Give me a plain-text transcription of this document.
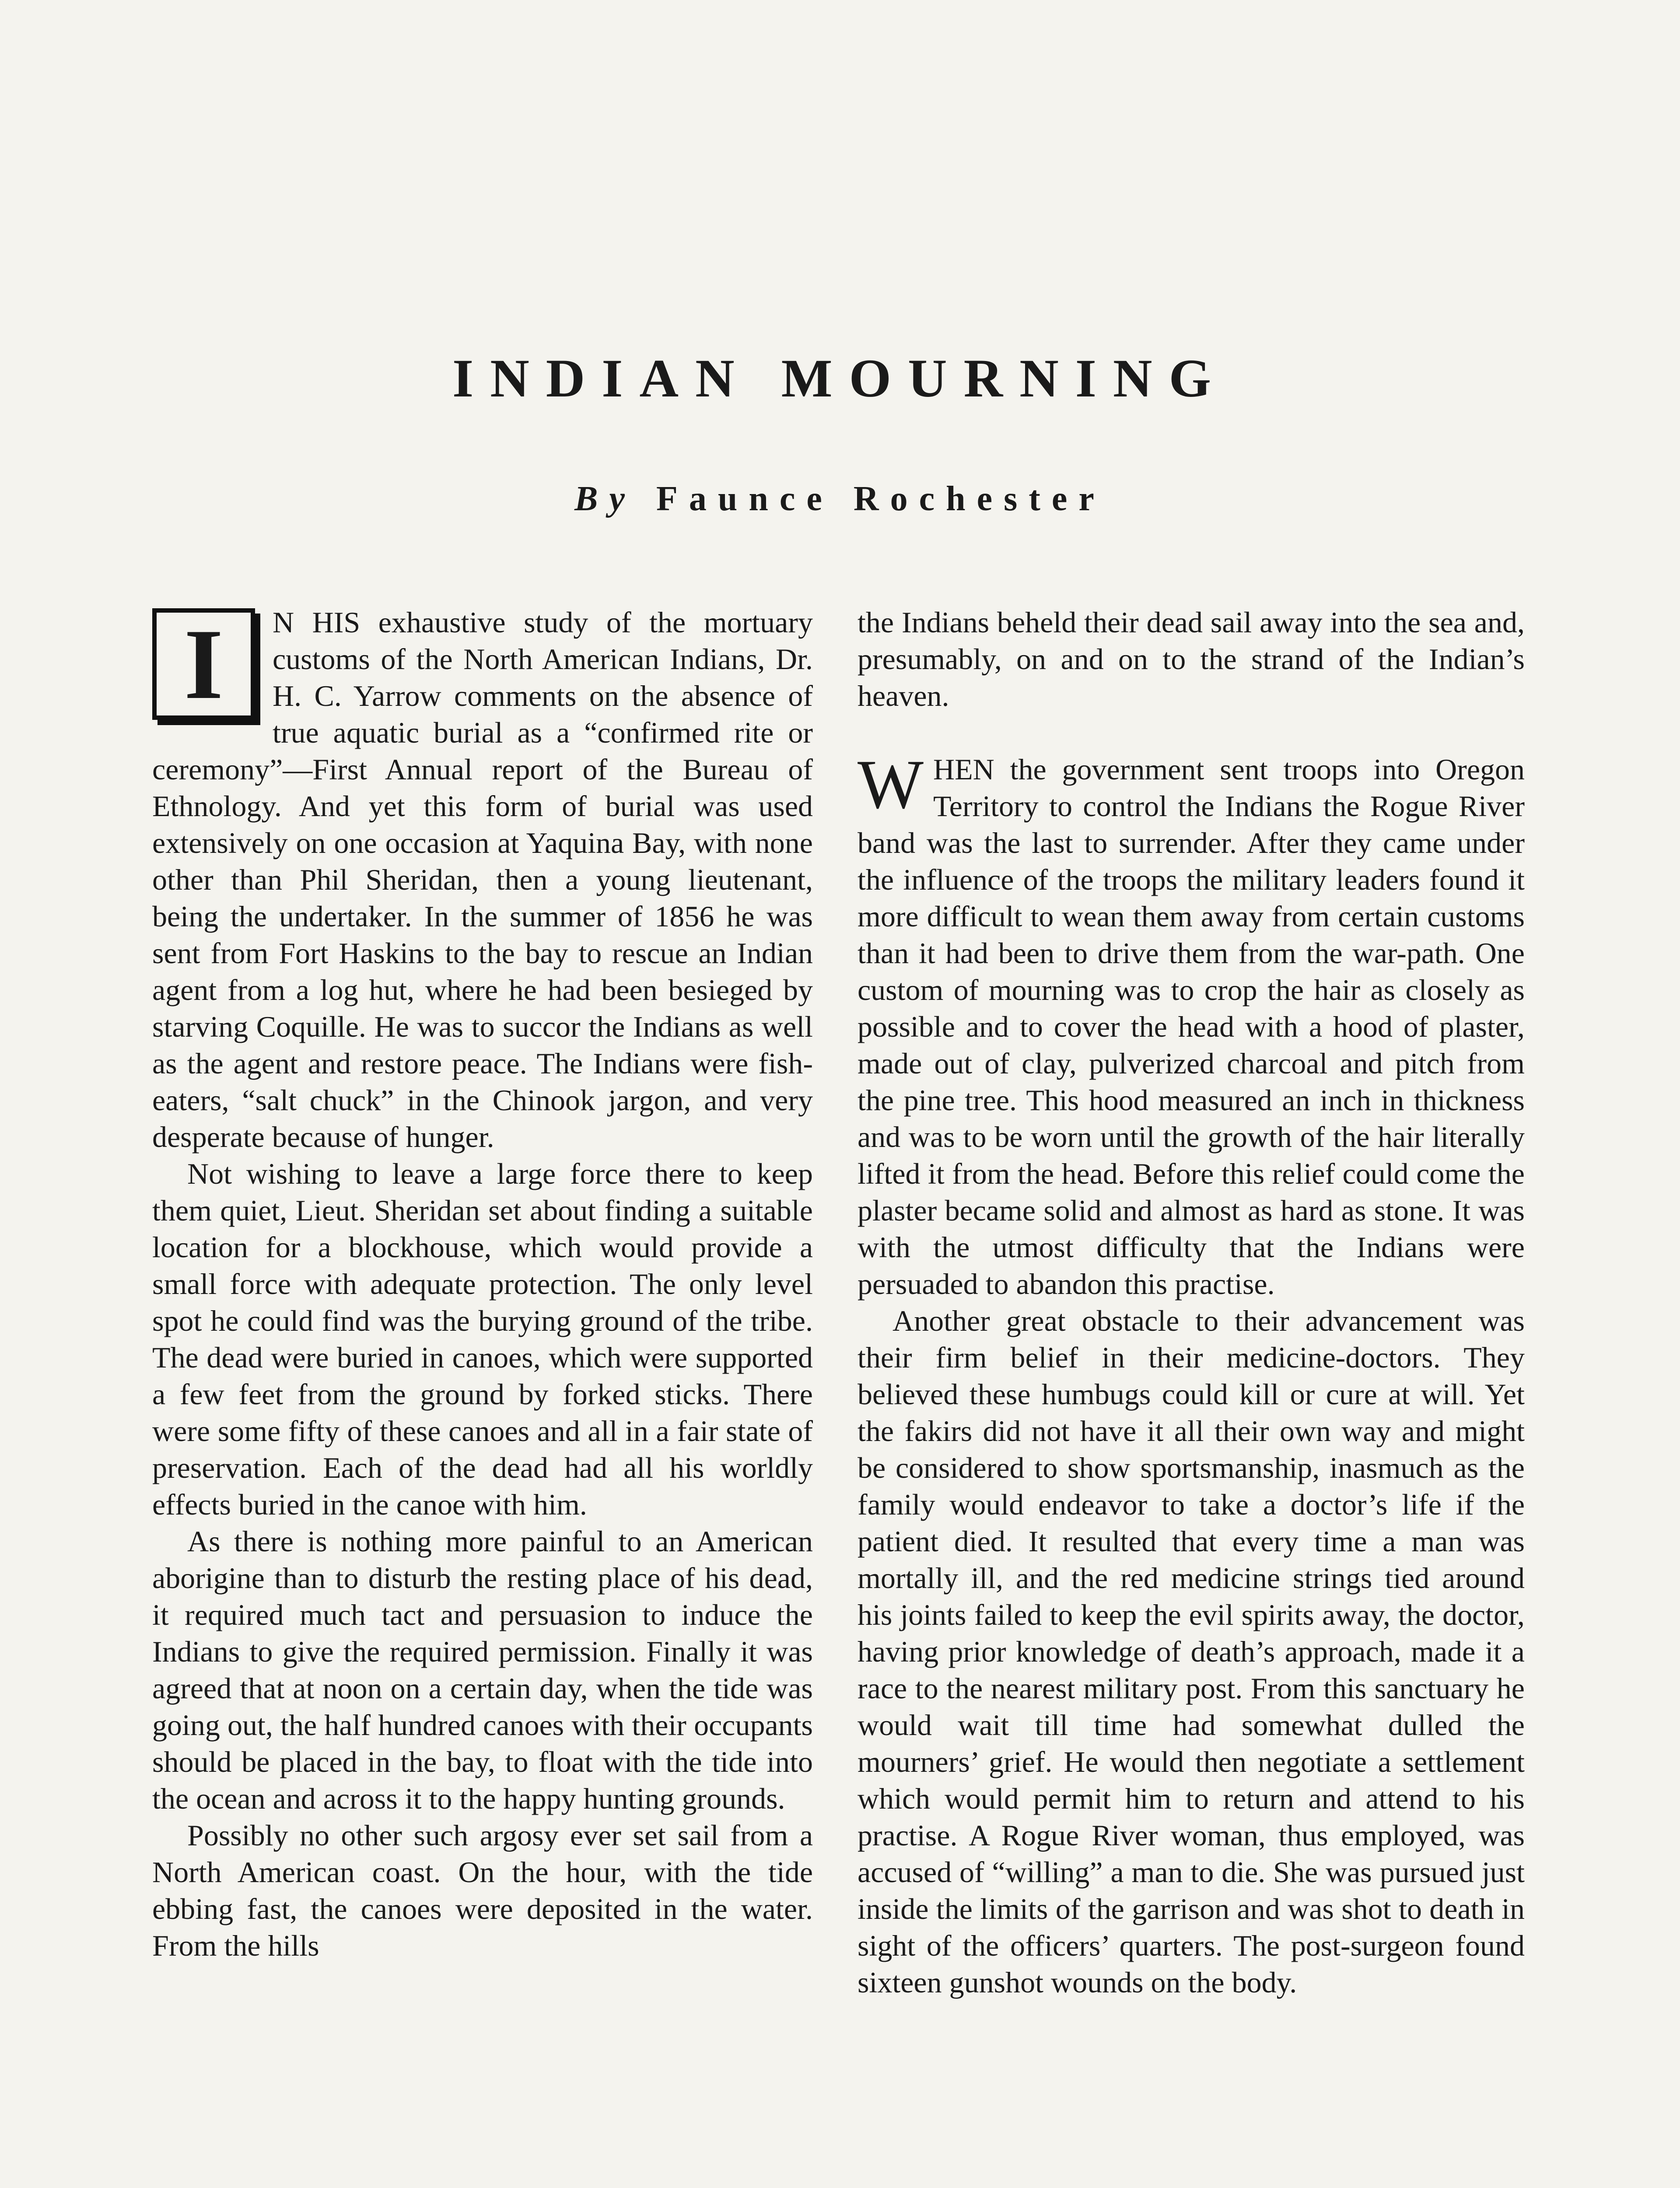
INDIAN MOURNING
By Faunce Rochester

I	N HIS exhaustive study of the mortuary customs of the North American Indians, Dr. H. C. Yarrow comments on the absence of true aquatic burial as a “confirmed rite or ceremony”—First Annual report of the Bureau of Ethnology. And yet this form of burial was used extensively on one occasion at Yaquina Bay, with none other than Phil Sheridan, then a young lieutenant, being the undertaker. In the summer of 1856 he was sent from Fort Haskins to the bay to rescue an Indian agent from a log hut, where he had been besieged by starving Coquille. He was to succor the Indians as well as the agent and restore peace. The Indians were fish-eaters, “salt chuck” in the Chinook jargon, and very desperate because of hunger.

Not wishing to leave a large force there to keep them quiet, Lieut. Sheridan set about finding a suitable location for a blockhouse, which would provide a small force with adequate protection. The only level spot he could find was the burying ground of the tribe. The dead were buried in canoes, which were supported a few feet from the ground by forked sticks. There were some fifty of these canoes and all in a fair state of preservation. Each of the dead had all his worldly effects buried in the canoe with him.

As there is nothing more painful to an American aborigine than to disturb the resting place of his dead, it required much tact and persuasion to induce the Indians to give the required permission. Finally it was agreed that at noon on a certain day, when the tide was going out, the half hundred canoes with their occupants should be placed in the bay, to float with the tide into the ocean and across it to the happy hunting grounds.

Possibly no other such argosy ever set sail from a North American coast. On the hour, with the tide ebbing fast, the canoes were deposited in the water. From the hills

the Indians beheld their dead sail away into the sea and, presumably, on and on to the strand of the Indian’s heaven.

WHEN the government sent troops into Oregon Territory to control the Indians the Rogue River band was the last to surrender. After they came under the influence of the troops the military leaders found it more difficult to wean them away from certain customs than it had been to drive them from the war-path. One custom of mourning was to crop the hair as closely as possible and to cover the head with a hood of plaster, made out of clay, pulverized charcoal and pitch from the pine tree. This hood measured an inch in thickness and was to be worn until the growth of the hair literally lifted it from the head. Before this relief could come the plaster became solid and almost as hard as stone. It was with the utmost difficulty that the Indians were persuaded to abandon this practise.

Another great obstacle to their advancement was their firm belief in their medicine-doctors. They believed these humbugs could kill or cure at will. Yet the fakirs did not have it all their own way and might be considered to show sportsmanship, inasmuch as the family would endeavor to take a doctor’s life if the patient died. It resulted that every time a man was mortally ill, and the red medicine strings tied around his joints failed to keep the evil spirits away, the doctor, having prior knowledge of death’s approach, made it a race to the nearest military post. From this sanctuary he would wait till time had somewhat dulled the mourners’ grief. He would then negotiate a settlement which would permit him to return and attend to his practise. A Rogue River woman, thus employed, was accused of “willing” a man to die. She was pursued just inside the limits of the garrison and was shot to death in sight of the officers’ quarters. The post-surgeon found sixteen gunshot wounds on the body.
